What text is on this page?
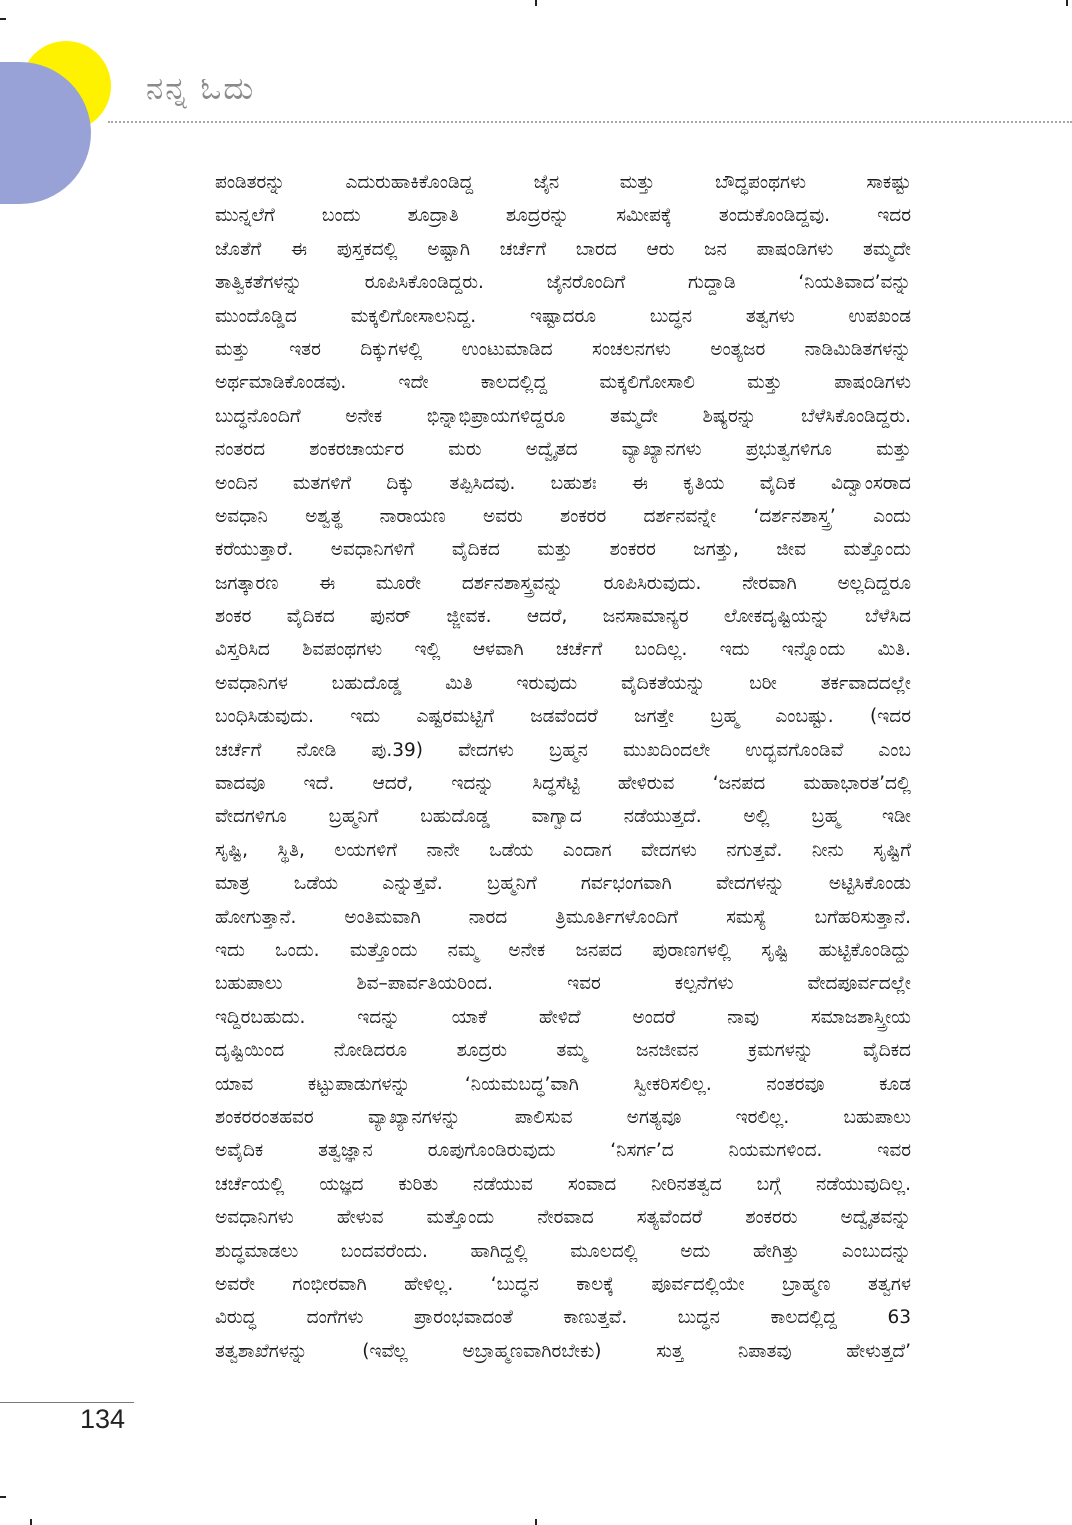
ನನ್ನ ಓದು
ಪಂಡಿತರನ್ನು ಎದುರುಹಾಕಿಕೊಂಡಿದ್ದ ಜೈನ ಮತ್ತು ಬೌದ್ಧಪಂಥಗಳು ಸಾಕಷ್ಟು
ಮುನ್ನಲೆಗೆ ಬಂದು ಶೂದ್ರಾತಿ ಶೂದ್ರರನ್ನು ಸಮೀಪಕ್ಕೆ ತಂದುಕೊಂಡಿದ್ದವು. ಇದರ
ಜೊತೆಗೆ ಈ ಪುಸ್ತಕದಲ್ಲಿ ಅಷ್ಟಾಗಿ ಚರ್ಚೆಗೆ ಬಾರದ ಆರು ಜನ ಪಾಷಂಡಿಗಳು ತಮ್ಮದೇ
ತಾತ್ವಿಕತೆಗಳನ್ನು ರೂಪಿಸಿಕೊಂಡಿದ್ದರು. ಜೈನರೊಂದಿಗೆ ಗುದ್ದಾಡಿ ‘ನಿಯತಿವಾದ’ವನ್ನು
ಮುಂದೊಡ್ಡಿದ ಮಕ್ಕಲಿಗೋಸಾಲನಿದ್ದ. ಇಷ್ಟಾದರೂ ಬುದ್ಧನ ತತ್ವಗಳು ಉಪಖಂಡ
ಮತ್ತು ಇತರ ದಿಕ್ಕುಗಳಲ್ಲಿ ಉಂಟುಮಾಡಿದ ಸಂಚಲನಗಳು ಅಂತ್ಯಜರ ನಾಡಿಮಿಡಿತಗಳನ್ನು
ಅರ್ಥಮಾಡಿಕೊಂಡವು. ಇದೇ ಕಾಲದಲ್ಲಿದ್ದ ಮಕ್ಕಲಿಗೋಸಾಲಿ ಮತ್ತು ಪಾಷಂಡಿಗಳು
ಬುದ್ಧನೊಂದಿಗೆ ಅನೇಕ ಭಿನ್ನಾಭಿಪ್ರಾಯಗಳಿದ್ದರೂ ತಮ್ಮದೇ ಶಿಷ್ಯರನ್ನು ಬೆಳೆಸಿಕೊಂಡಿದ್ದರು.
ನಂತರದ ಶಂಕರಚಾರ್ಯರ ಮರು ಅದ್ವೈತದ ವ್ಯಾಖ್ಯಾನಗಳು ಪ್ರಭುತ್ವಗಳಿಗೂ ಮತ್ತು
ಅಂದಿನ ಮತಗಳಿಗೆ ದಿಕ್ಕು ತಪ್ಪಿಸಿದವು. ಬಹುಶಃ ಈ ಕೃತಿಯ ವೈದಿಕ ವಿದ್ವಾಂಸರಾದ
ಅವಧಾನಿ ಅಶ್ವತ್ಥ ನಾರಾಯಣ ಅವರು ಶಂಕರರ ದರ್ಶನವನ್ನೇ ‘ದರ್ಶನಶಾಸ್ತ್ರ’ ಎಂದು
ಕರೆಯುತ್ತಾರೆ. ಅವಧಾನಿಗಳಿಗೆ ವೈದಿಕದ ಮತ್ತು ಶಂಕರರ ಜಗತ್ತು, ಜೀವ ಮತ್ತೊಂದು
ಜಗತ್ಕಾರಣ ಈ ಮೂರೇ ದರ್ಶನಶಾಸ್ತ್ರವನ್ನು ರೂಪಿಸಿರುವುದು. ನೇರವಾಗಿ ಅಲ್ಲದಿದ್ದರೂ
ಶಂಕರ ವೈದಿಕದ ಪುನರ್ ಜ್ಜೀವಕ. ಆದರೆ, ಜನಸಾಮಾನ್ಯರ ಲೋಕದೃಷ್ಟಿಯನ್ನು ಬೆಳೆಸಿದ
ವಿಸ್ತರಿಸಿದ ಶಿವಪಂಥಗಳು ಇಲ್ಲಿ ಆಳವಾಗಿ ಚರ್ಚೆಗೆ ಬಂದಿಲ್ಲ. ಇದು ಇನ್ನೊಂದು ಮಿತಿ.
ಅವಧಾನಿಗಳ ಬಹುದೊಡ್ಡ ಮಿತಿ ಇರುವುದು ವೈದಿಕತೆಯನ್ನು ಬರೀ ತರ್ಕವಾದದಲ್ಲೇ
ಬಂಧಿಸಿಡುವುದು. ಇದು ಎಷ್ಟರಮಟ್ಟಿಗೆ ಜಡವೆಂದರೆ ಜಗತ್ತೇ ಬ್ರಹ್ಮ ಎಂಬಷ್ಟು. (ಇದರ
ಚರ್ಚೆಗೆ ನೋಡಿ ಪು.39) ವೇದಗಳು ಬ್ರಹ್ಮನ ಮುಖದಿಂದಲೇ ಉದ್ಭವಗೊಂಡಿವೆ ಎಂಬ
ವಾದವೂ ಇದೆ. ಆದರೆ, ಇದನ್ನು ಸಿದ್ಧಸೆಟ್ಟಿ ಹೇಳಿರುವ ‘ಜನಪದ ಮಹಾಭಾರತ’ದಲ್ಲಿ
ವೇದಗಳಿಗೂ ಬ್ರಹ್ಮನಿಗೆ ಬಹುದೊಡ್ಡ ವಾಗ್ವಾದ ನಡೆಯುತ್ತದೆ. ಅಲ್ಲಿ ಬ್ರಹ್ಮ ಇಡೀ
ಸೃಷ್ಟಿ, ಸ್ಥಿತಿ, ಲಯಗಳಿಗೆ ನಾನೇ ಒಡೆಯ ಎಂದಾಗ ವೇದಗಳು ನಗುತ್ತವೆ. ನೀನು ಸೃಷ್ಟಿಗೆ
ಮಾತ್ರ ಒಡೆಯ ಎನ್ನುತ್ತವೆ. ಬ್ರಹ್ಮನಿಗೆ ಗರ್ವಭಂಗವಾಗಿ ವೇದಗಳನ್ನು ಅಟ್ಟಿಸಿಕೊಂಡು
ಹೋಗುತ್ತಾನೆ. ಅಂತಿಮವಾಗಿ ನಾರದ ತ್ರಿಮೂರ್ತಿಗಳೊಂದಿಗೆ ಸಮಸ್ಯೆ ಬಗೆಹರಿಸುತ್ತಾನೆ.
ಇದು ಒಂದು. ಮತ್ತೊಂದು ನಮ್ಮ ಅನೇಕ ಜನಪದ ಪುರಾಣಗಳಲ್ಲಿ ಸೃಷ್ಟಿ ಹುಟ್ಟಿಕೊಂಡಿದ್ದು
ಬಹುಪಾಲು ಶಿವ–ಪಾರ್ವತಿಯರಿಂದ. ಇವರ ಕಲ್ಪನೆಗಳು ವೇದಪೂರ್ವದಲ್ಲೇ
ಇದ್ದಿರಬಹುದು. ಇದನ್ನು ಯಾಕೆ ಹೇಳಿದೆ ಅಂದರೆ ನಾವು ಸಮಾಜಶಾಸ್ತ್ರೀಯ
ದೃಷ್ಟಿಯಿಂದ ನೋಡಿದರೂ ಶೂದ್ರರು ತಮ್ಮ ಜನಜೀವನ ಕ್ರಮಗಳನ್ನು ವೈದಿಕದ
ಯಾವ ಕಟ್ಟುಪಾಡುಗಳನ್ನು ‘ನಿಯಮಬದ್ಧ’ವಾಗಿ ಸ್ವೀಕರಿಸಲಿಲ್ಲ. ನಂತರವೂ ಕೂಡ
ಶಂಕರರಂತಹವರ ವ್ಯಾಖ್ಯಾನಗಳನ್ನು ಪಾಲಿಸುವ ಅಗತ್ಯವೂ ಇರಲಿಲ್ಲ. ಬಹುಪಾಲು
ಅವೈದಿಕ ತತ್ವಜ್ಞಾನ ರೂಪುಗೊಂಡಿರುವುದು ‘ನಿಸರ್ಗ’ದ ನಿಯಮಗಳಿಂದ. ಇವರ
ಚರ್ಚೆಯಲ್ಲಿ ಯಜ್ಞದ ಕುರಿತು ನಡೆಯುವ ಸಂವಾದ ನೀರಿನತತ್ವದ ಬಗ್ಗೆ ನಡೆಯುವುದಿಲ್ಲ.
ಅವಧಾನಿಗಳು ಹೇಳುವ ಮತ್ತೊಂದು ನೇರವಾದ ಸತ್ಯವೆಂದರೆ ಶಂಕರರು ಅದ್ವೈತವನ್ನು
ಶುದ್ಧಮಾಡಲು ಬಂದವರೆಂದು. ಹಾಗಿದ್ದಲ್ಲಿ ಮೂಲದಲ್ಲಿ ಅದು ಹೇಗಿತ್ತು ಎಂಬುದನ್ನು
ಅವರೇ ಗಂಭೀರವಾಗಿ ಹೇಳಿಲ್ಲ. ‘ಬುದ್ಧನ ಕಾಲಕ್ಕೆ ಪೂರ್ವದಲ್ಲಿಯೇ ಬ್ರಾಹ್ಮಣ ತತ್ವಗಳ
ವಿರುದ್ಧ ದಂಗೆಗಳು ಪ್ರಾರಂಭವಾದಂತೆ ಕಾಣುತ್ತವೆ. ಬುದ್ಧನ ಕಾಲದಲ್ಲಿದ್ದ 63
ತತ್ವಶಾಖೆಗಳನ್ನು (ಇವೆಲ್ಲ ಅಬ್ರಾಹ್ಮಣವಾಗಿರಬೇಕು) ಸುತ್ತ ನಿಪಾತವು ಹೇಳುತ್ತದೆ’
134
